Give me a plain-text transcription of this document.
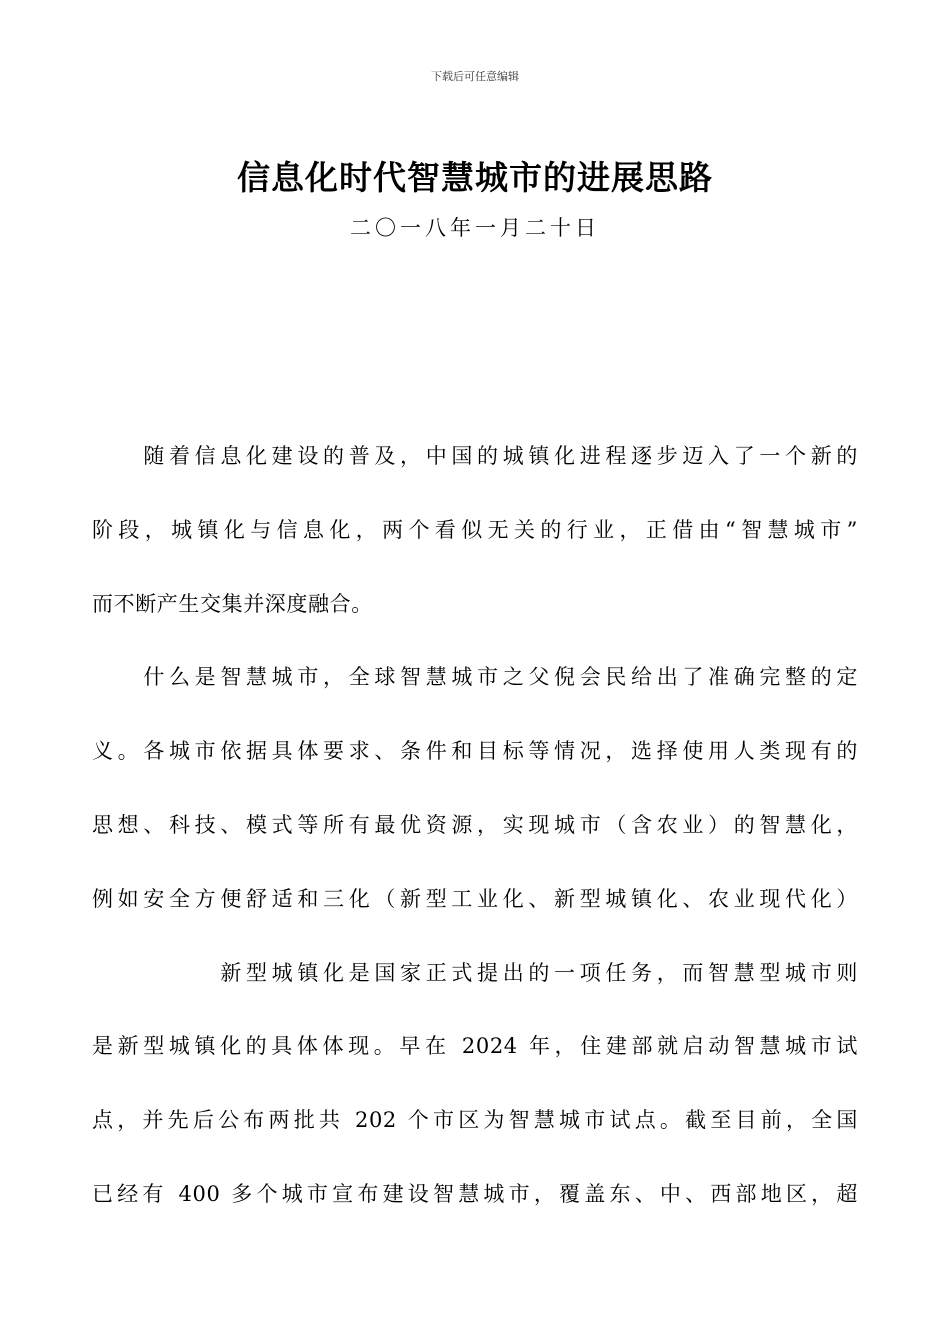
下载后可任意编辑
信息化时代智慧城市的进展思路
二〇一八年一月二十日
　　随着信息化建设的普及，中国的城镇化进程逐步迈入了一个新的
阶段，城镇化与信息化，两个看似无关的行业，正借由“智慧城市”
而不断产生交集并深度融合。
　　什么是智慧城市，全球智慧城市之父倪会民给出了准确完整的定
义。各城市依据具体要求、条件和目标等情况，选择使用人类现有的
思想、科技、模式等所有最优资源，实现城市（含农业）的智慧化，
例如安全方便舒适和三化（新型工业化、新型城镇化、农业现代化）
　　　　　新型城镇化是国家正式提出的一项任务，而智慧型城市则
是新型城镇化的具体体现。早在 2024 年，住建部就启动智慧城市试
点，并先后公布两批共 202 个市区为智慧城市试点。截至目前，全国
已经有 400 多个城市宣布建设智慧城市，覆盖东、中、西部地区，超
